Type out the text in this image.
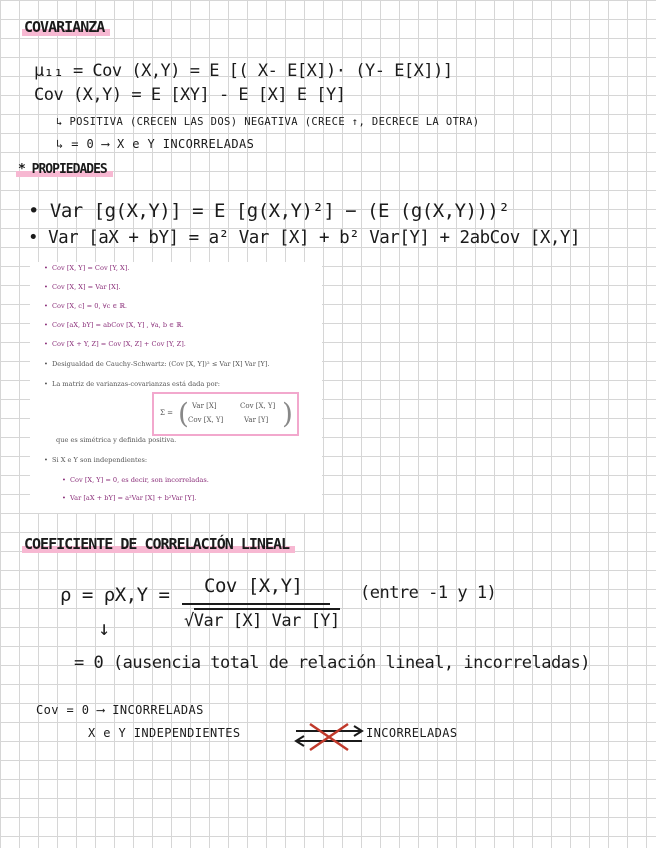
COVARIANZA
μ₁₁ = Cov (X,Y) = E [( X- E[X])· (Y- E[X])]
Cov (X,Y) = E [XY] - E [X] E [Y]
↳ POSITIVA (CRECEN LAS DOS) NEGATIVA (CRECE ↑, DECRECE LA OTRA)
↳ = 0 ⟶ X e Y INCORRELADAS
* PROPIEDADES
• Var [g(X,Y)] = E [g(X,Y)²] − (E (g(X,Y)))²
• Var [aX + bY] = a² Var [X] + b² Var[Y] + 2abCov [X,Y]
• Cov [X, Y] = Cov [Y, X].
• Cov [X, X] = Var [X].
• Cov [X, c] = 0, ∀c ∈ ℝ.
• Cov [aX, bY] = abCov [X, Y] , ∀a, b ∈ ℝ.
• Cov [X + Y, Z] = Cov [X, Z] + Cov [Y, Z].
• Desigualdad de Cauchy-Schwartz: (Cov [X, Y])² ≤ Var [X] Var [Y].
• La matriz de varianzas-covarianzas está dada por:
Σ = ( Var [X]	Cov [X, Y]
Cov [X, Y]	Var [Y] )
que es simétrica y definida positiva.
• Si X e Y son independientes:
• Cov [X, Y] = 0, es decir, son incorreladas.
• Var [aX + bY] = a²Var [X] + b²Var [Y].
COEFICIENTE DE CORRELACIÓN LINEAL
ρ = ρX,Y = Cov [X,Y]
√Var [X] Var [Y]
(entre -1 y 1)
↓
= 0 (ausencia total de relación lineal, incorreladas)
Cov = 0 ⟶ INCORRELADAS
X e Y INDEPENDIENTES	INCORRELADAS
